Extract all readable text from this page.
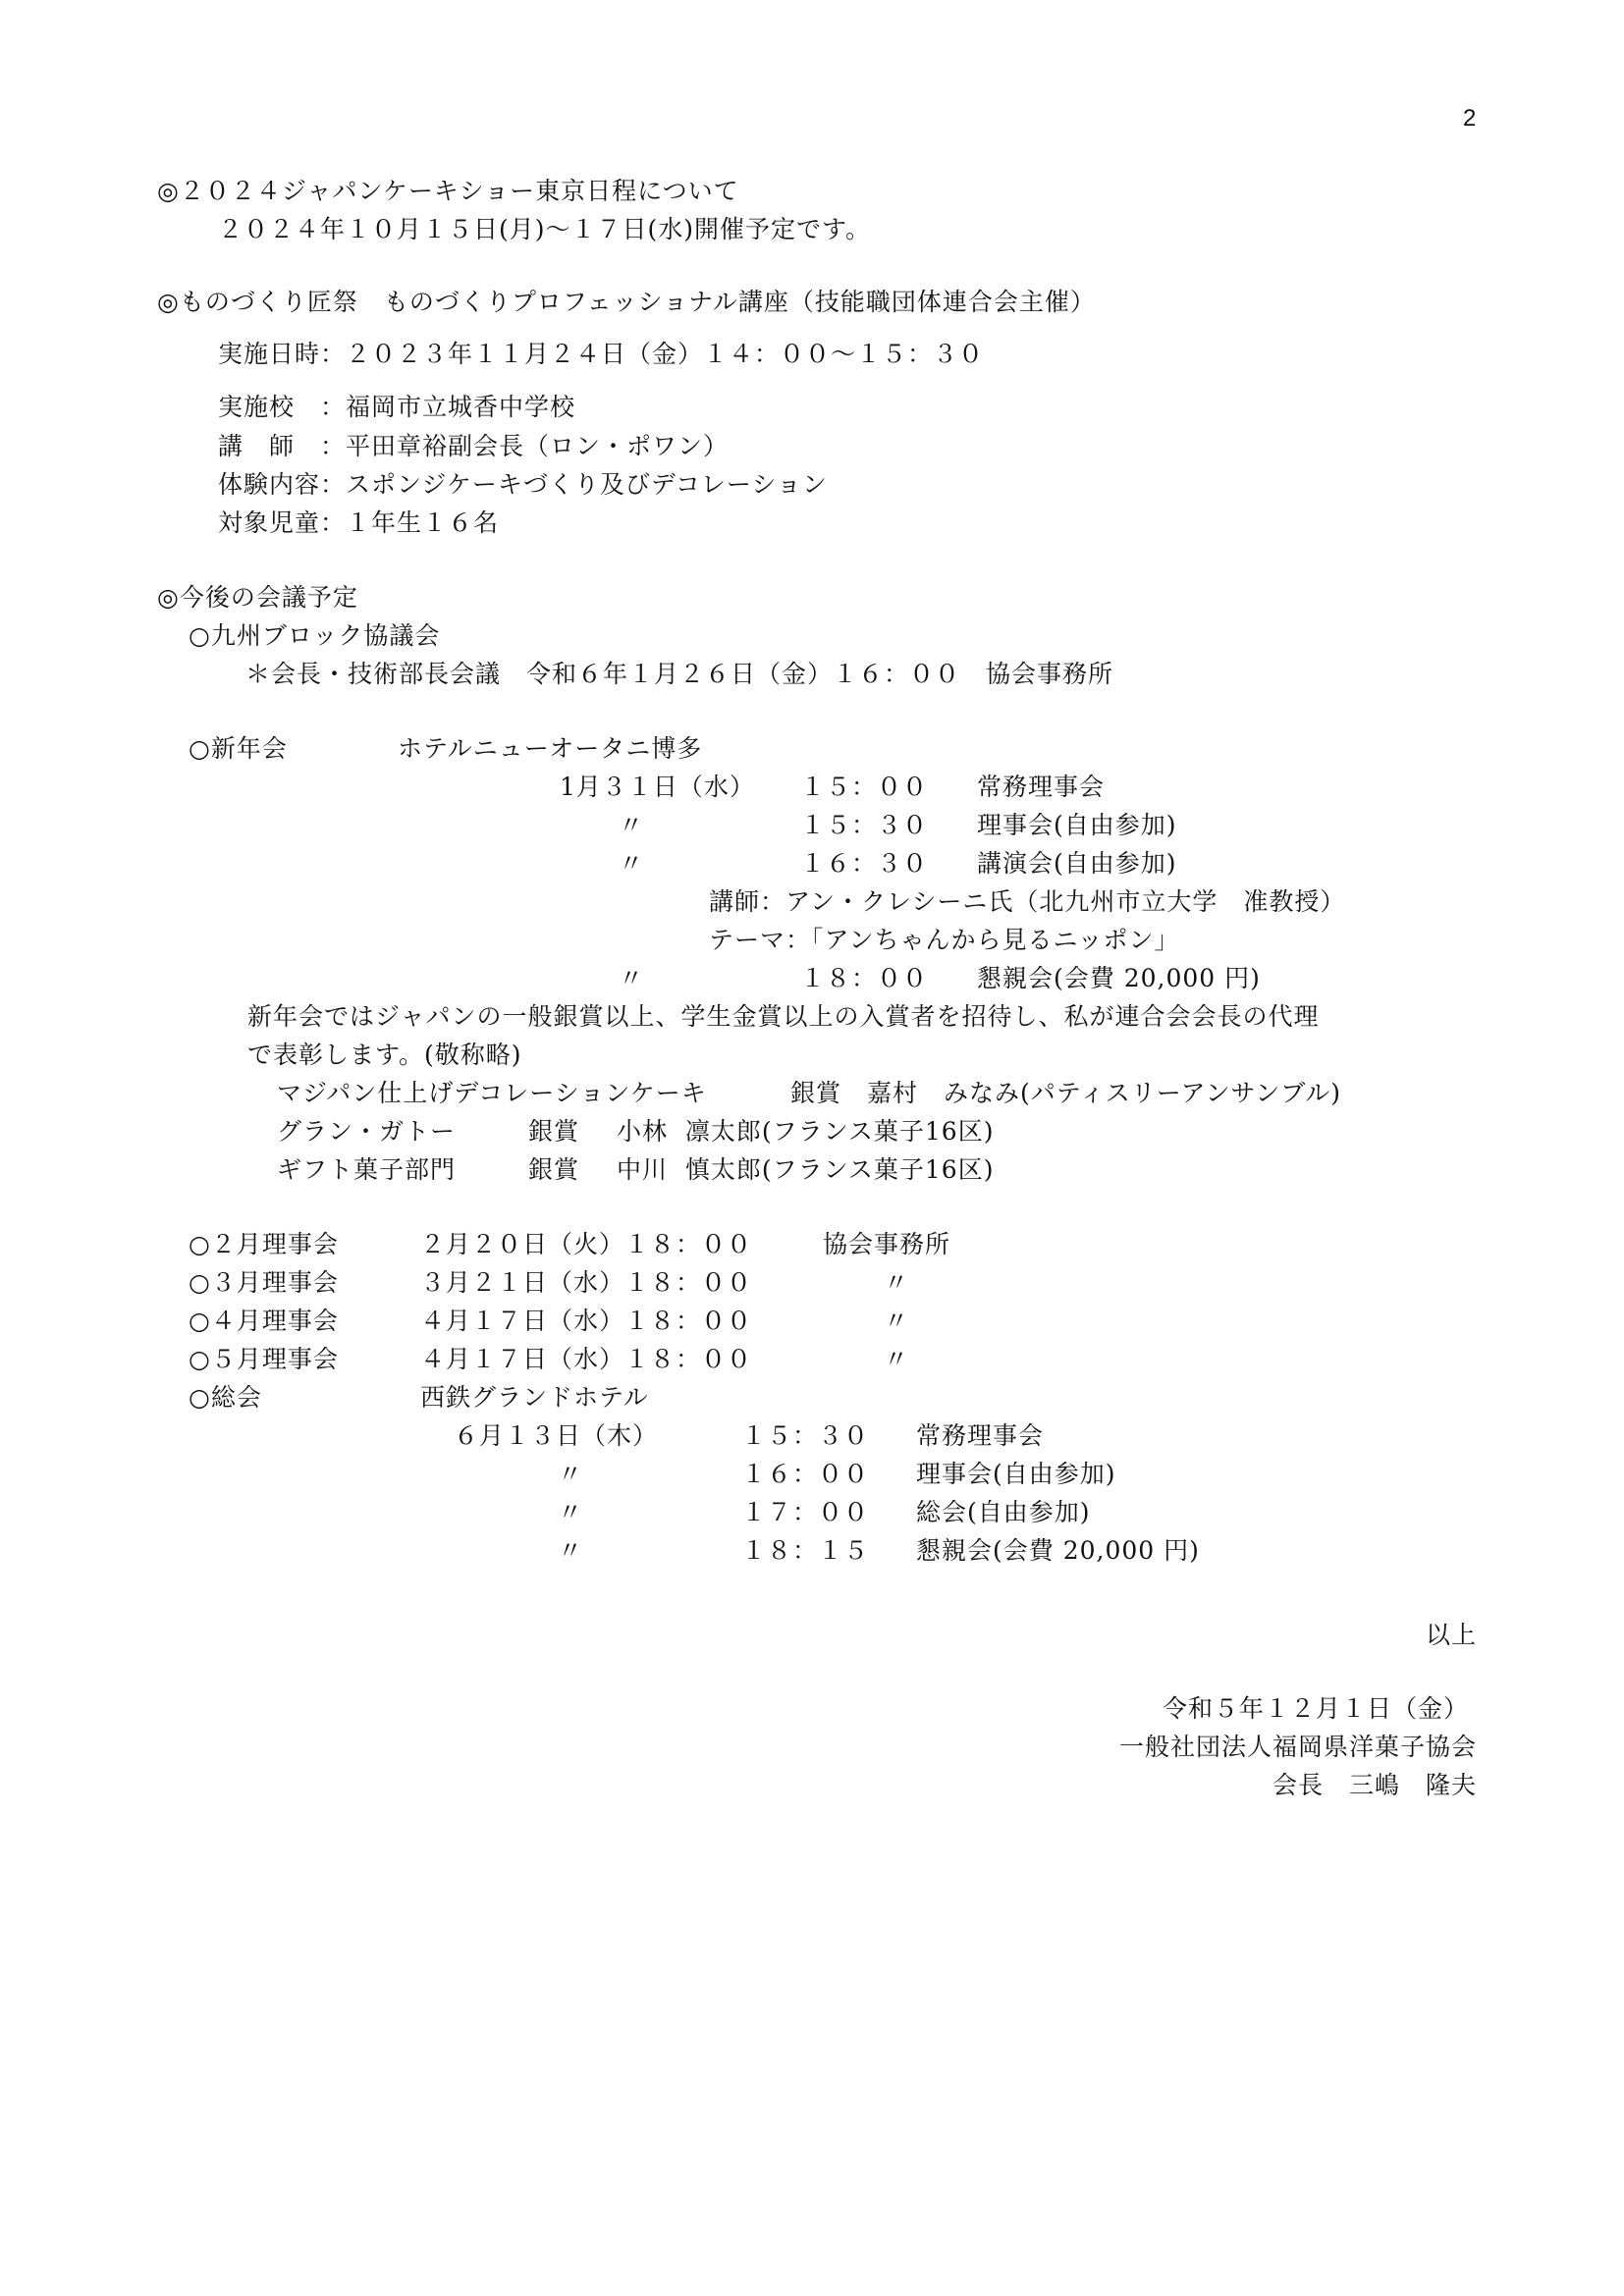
2
◎２０２４ジャパンケーキショー東京日程について
２０２４年１０月１５日(月)～１７日(水)開催予定です。
◎ものづくり匠祭　ものづくりプロフェッショナル講座（技能職団体連合会主催）
実施日時：２０２３年１１月２４日（金）１４：００～１５：３０
実施校　：福岡市立城香中学校
講　師　：平田章裕副会長（ロン・ポワン）
体験内容：スポンジケーキづくり及びデコレーション
対象児童：１年生１６名
◎今後の会議予定
○九州ブロック協議会
＊会長・技術部長会議　令和６年１月２６日（金）１６：００　協会事務所
○新年会	ホテルニューオータニ博多
1月３１日（水） １５：００ 常務理事会
〃	１５：３０ 理事会(自由参加)
〃	１６：３０ 講演会(自由参加)
講師：アン・クレシーニ氏（北九州市立大学　准教授）
テーマ：「アンちゃんから見るニッポン」
〃	１８：００ 懇親会(会費 20,000 円)
新年会ではジャパンの一般銀賞以上、学生金賞以上の入賞者を招待し、私が連合会会長の代理
で表彰します。(敬称略)
マジパン仕上げデコレーションケーキ	銀賞 嘉村　みなみ(パティスリーアンサンブル)
グラン・ガトー	銀賞 小林  凛太郎(フランス菓子16区)
ギフト菓子部門	銀賞 中川  慎太郎(フランス菓子16区)
○２月理事会	２月２０日（火）１８：００	協会事務所
○３月理事会	３月２１日（水）１８：００	〃
○４月理事会	４月１７日（水）１８：００	〃
○５月理事会	４月１７日（水）１８：００	〃
○総会	西鉄グランドホテル
６月１３日（木）	１５：３０ 常務理事会
〃	１６：００ 理事会(自由参加)
〃	１７：００ 総会(自由参加)
〃	１８：１５ 懇親会(会費 20,000 円)
以上
令和５年１２月１日（金）
一般社団法人福岡県洋菓子協会
会長　三嶋　隆夫
